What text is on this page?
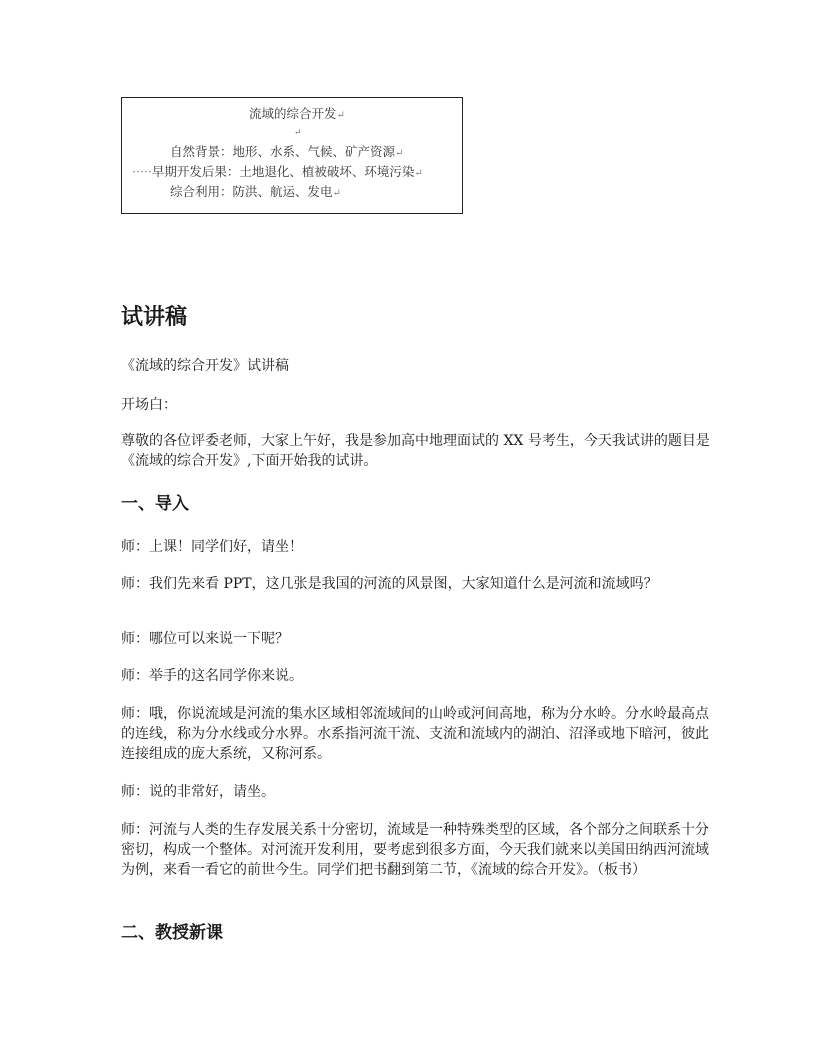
流域的综合开发↵
↵
自然背景：地形、水系、气候、矿产资源↵
·····早期开发后果：土地退化、植被破坏、环境污染↵
综合利用：防洪、航运、发电↵
试讲稿

《流域的综合开发》试讲稿

开场白：

尊敬的各位评委老师，大家上午好，我是参加高中地理面试的 XX 号考生，今天我试讲的题目是《流域的综合开发》,下面开始我的试讲。

一、导入

师：上课！同学们好，请坐！

师：我们先来看 PPT，这几张是我国的河流的风景图，大家知道什么是河流和流域吗？

师：哪位可以来说一下呢？

师：举手的这名同学你来说。

师：哦，你说流域是河流的集水区域相邻流域间的山岭或河间高地，称为分水岭。分水岭最高点的连线，称为分水线或分水界。水系指河流干流、支流和流域内的湖泊、沼泽或地下暗河，彼此连接组成的庞大系统，又称河系。

师：说的非常好，请坐。

师：河流与人类的生存发展关系十分密切，流域是一种特殊类型的区域，各个部分之间联系十分密切，构成一个整体。对河流开发利用，要考虑到很多方面，今天我们就来以美国田纳西河流域为例，来看一看它的前世今生。同学们把书翻到第二节，《流域的综合开发》。（板书）

二、教授新课
